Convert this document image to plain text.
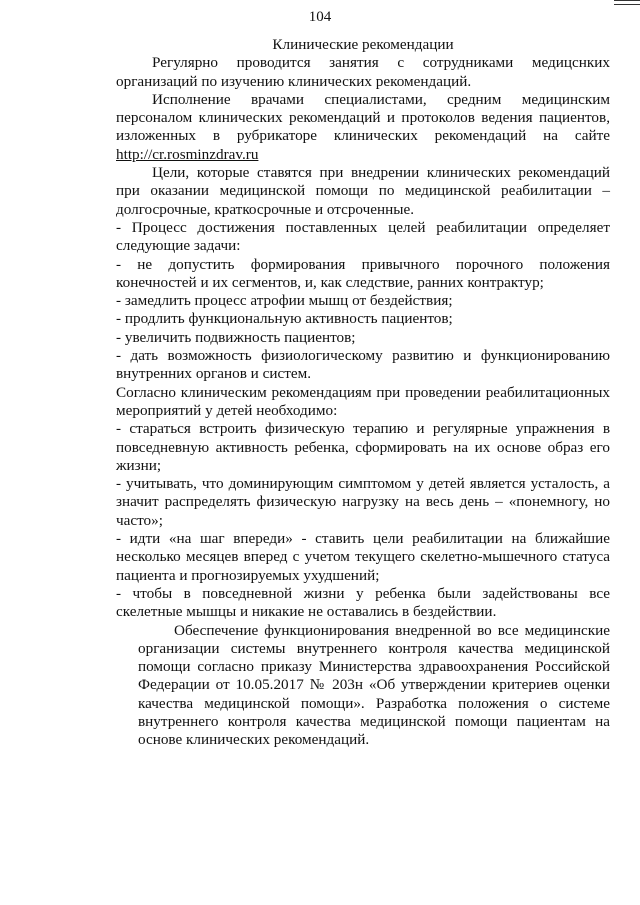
104

Клинические рекомендации

Регулярно проводится занятия с сотрудниками медицснких организаций по изучению клинических рекомендаций.

Исполнение врачами специалистами, средним медицинским персоналом клинических рекомендаций и протоколов ведения пациентов, изложенных в рубрикаторе клинических рекомендаций на сайте http://cr.rosminzdrav.ru

Цели, которые ставятся при внедрении клинических рекомендаций при оказании медицинской помощи по медицинской реабилитации – долгосрочные, краткосрочные и отсроченные.

- Процесс достижения поставленных целей реабилитации определяет следующие задачи:

- не допустить формирования привычного порочного положения конечностей и их сегментов, и, как следствие, ранних контрактур;

- замедлить процесс атрофии мышц от бездействия;

- продлить функциональную активность пациентов;

- увеличить подвижность пациентов;

- дать возможность физиологическому развитию и функционированию внутренних органов и систем.

Согласно клиническим рекомендациям при проведении реабилитационных мероприятий у детей необходимо:

- стараться встроить физическую терапию и регулярные упражнения в повседневную активность ребенка, сформировать на их основе образ его жизни;

- учитывать, что доминирующим симптомом у детей является усталость, а значит распределять физическую нагрузку на весь день – «понемногу, но часто»;

- идти «на шаг впереди» - ставить цели реабилитации на ближайшие несколько месяцев вперед с учетом текущего скелетно-мышечного статуса пациента и прогнозируемых ухудшений;

- чтобы в повседневной жизни у ребенка были задействованы все скелетные мышцы и никакие не оставались в бездействии.

Обеспечение функционирования внедренной во все медицинские организации системы внутреннего контроля качества медицинской помощи согласно приказу Министерства здравоохранения Российской Федерации от 10.05.2017 № 203н «Об утверждении критериев оценки качества медицинской помощи». Разработка положения о системе внутреннего контроля качества медицинской помощи пациентам на основе клинических рекомендаций.
